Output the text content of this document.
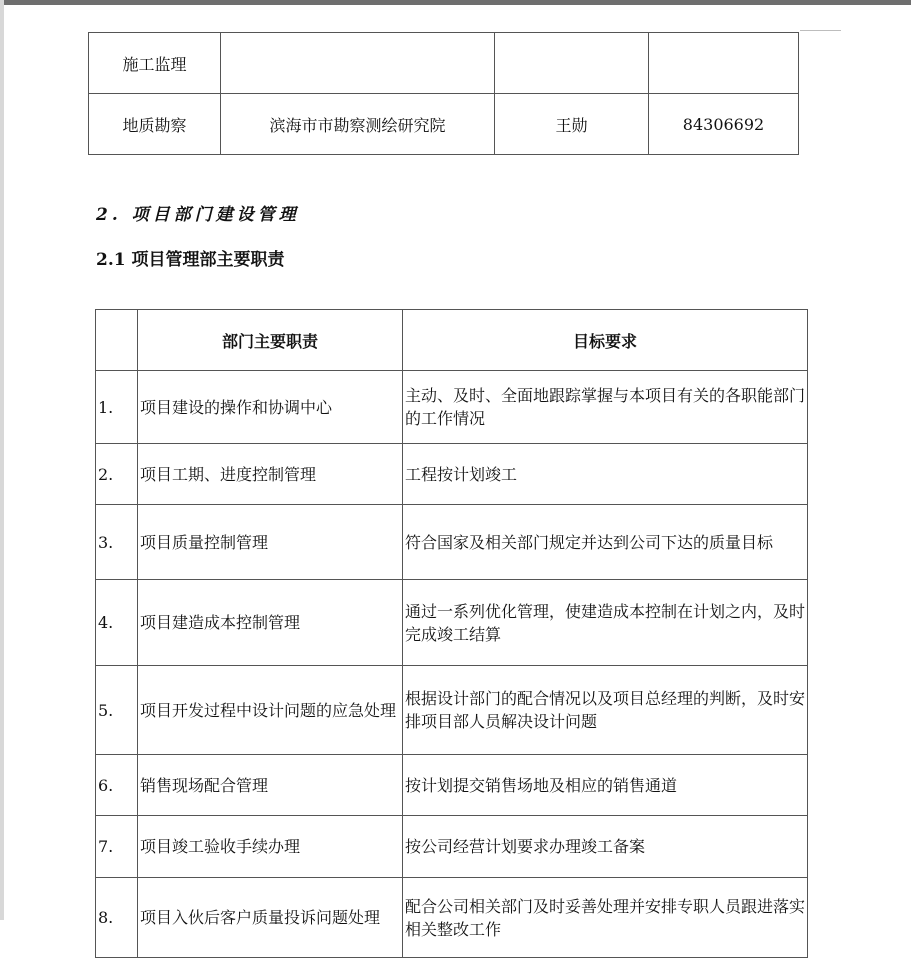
施工监理			
地质勘察	滨海市市勘察测绘研究院	王勋	84306692
2. 项目部门建设管理
2.1 项目管理部主要职责
	部门主要职责	目标要求
1.	项目建设的操作和协调中心	主动、及时、全面地跟踪掌握与本项目有关的各职能部门的工作情况
2.	项目工期、进度控制管理	工程按计划竣工
3.	项目质量控制管理	符合国家及相关部门规定并达到公司下达的质量目标
4.	项目建造成本控制管理	通过一系列优化管理，使建造成本控制在计划之内，及时完成竣工结算
5.	项目开发过程中设计问题的应急处理	根据设计部门的配合情况以及项目总经理的判断，及时安排项目部人员解决设计问题
6.	销售现场配合管理	按计划提交销售场地及相应的销售通道
7.	项目竣工验收手续办理	按公司经营计划要求办理竣工备案
8.	项目入伙后客户质量投诉问题处理	配合公司相关部门及时妥善处理并安排专职人员跟进落实相关整改工作
